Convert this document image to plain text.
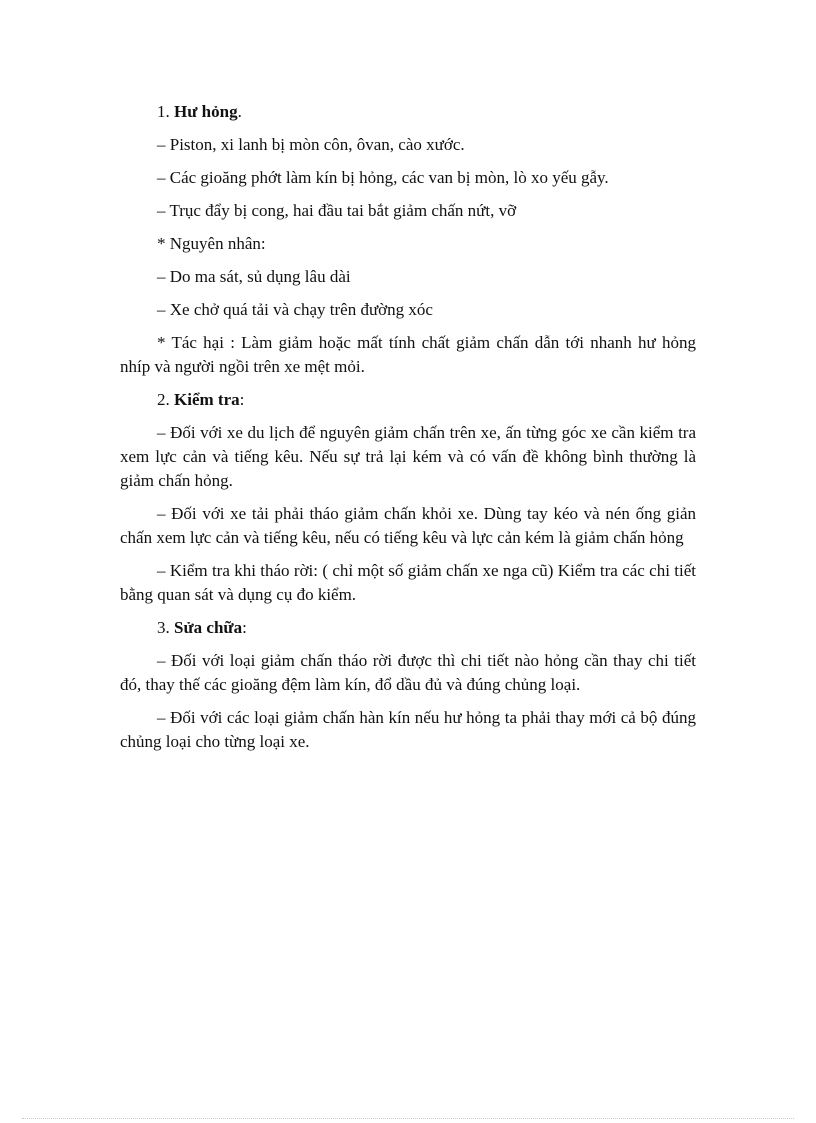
1. Hư hỏng.

– Piston, xi lanh bị mòn côn, ôvan, cào xước.

– Các gioăng phớt làm kín bị hỏng, các van bị mòn, lò xo yếu gẫy.

– Trục đẩy bị cong, hai đầu tai bắt giảm chấn nứt, vỡ

* Nguyên nhân:

– Do ma sát, sủ dụng lâu dài

– Xe chở quá tải và chạy trên đường xóc

* Tác hại : Làm giảm hoặc mất tính chất giảm chấn dẫn tới nhanh hư hỏng nhíp và người ngồi trên xe mệt mỏi.

2. Kiểm tra:

– Đối với xe du lịch để nguyên giảm chấn trên xe, ấn từng góc xe cần kiểm tra xem lực cản và tiếng kêu. Nếu sự trả lại kém và có vấn đề không bình thường là giảm chấn hỏng.

– Đối với xe tải phải tháo giảm chấn khỏi xe. Dùng tay kéo và nén ống giản chấn xem lực cản và tiếng kêu, nếu có tiếng kêu và lực cản kém là giảm chấn hỏng

– Kiểm tra khi tháo rời: ( chỉ một số giảm chấn xe nga cũ) Kiểm tra các chi tiết bằng quan sát và dụng cụ đo kiểm.

3. Sửa chữa:

– Đối với loại giảm chấn tháo rời được thì chi tiết nào hỏng cần thay chi tiết đó, thay thế các gioăng đệm làm kín, đổ dầu đủ và đúng chủng loại.

– Đối với các loại giảm chấn hàn kín nếu hư hỏng ta phải thay mới cả bộ đúng chủng loại cho từng loại xe.
